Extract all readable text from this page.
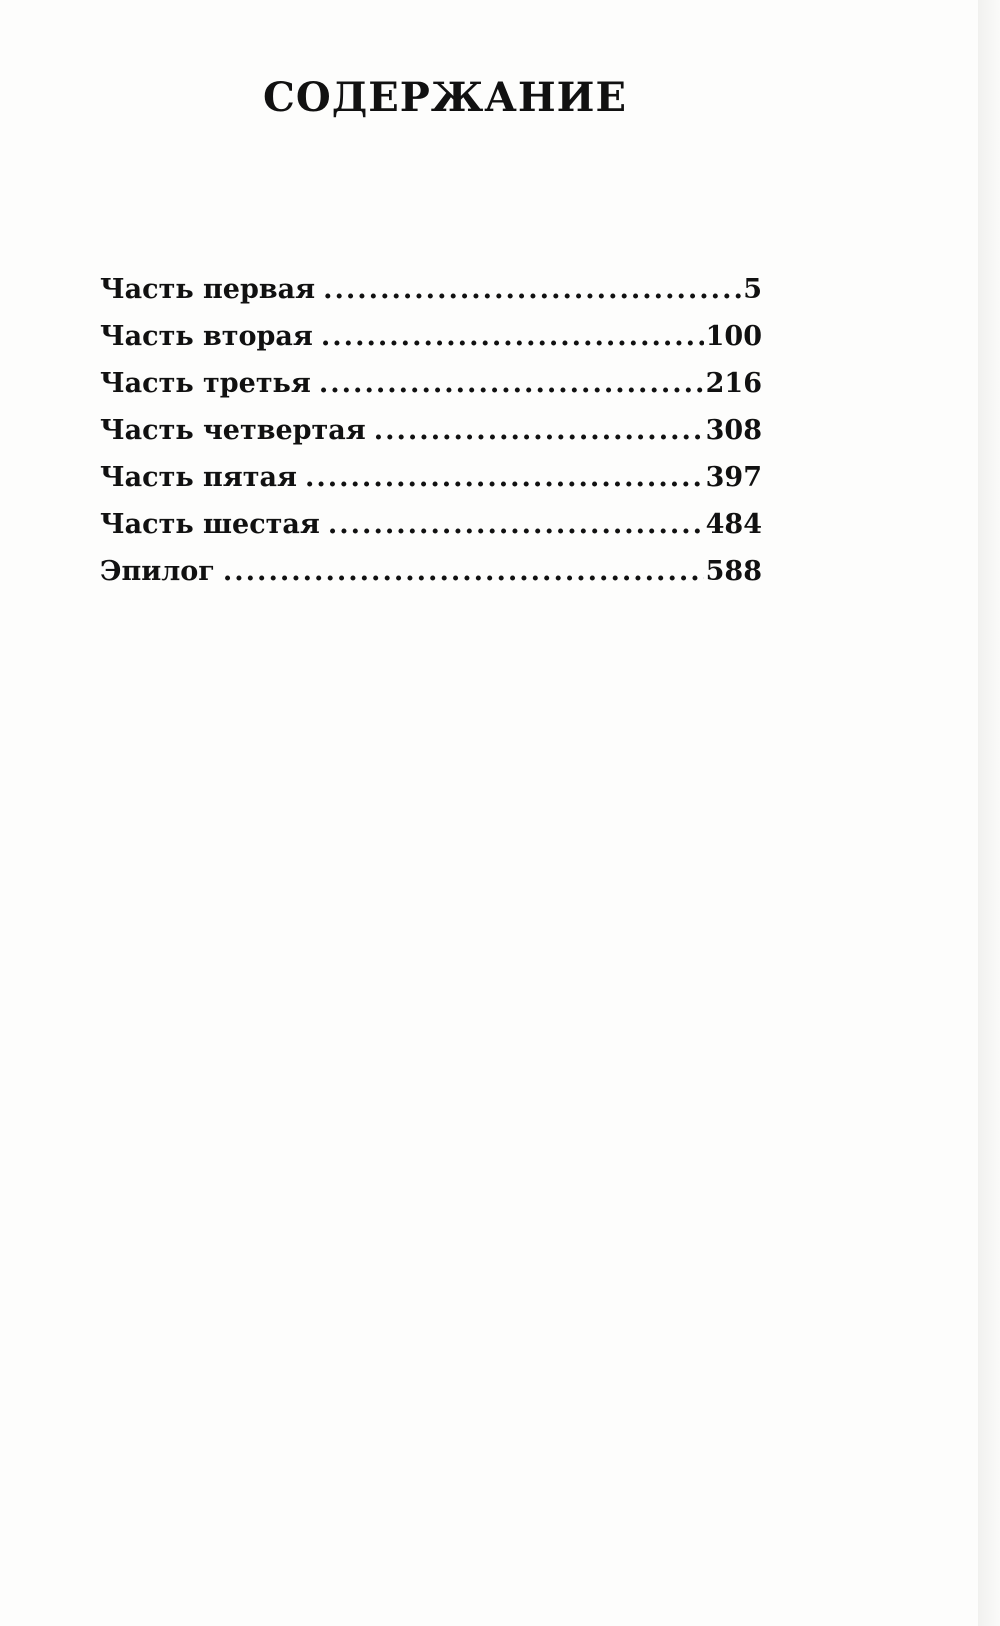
СОДЕРЖАНИЕ
Часть первая .....	5
Часть вторая .....	100
Часть третья .....	216
Часть четвертая .....	308
Часть пятая .....	397
Часть шестая .....	484
Эпилог .....	588
